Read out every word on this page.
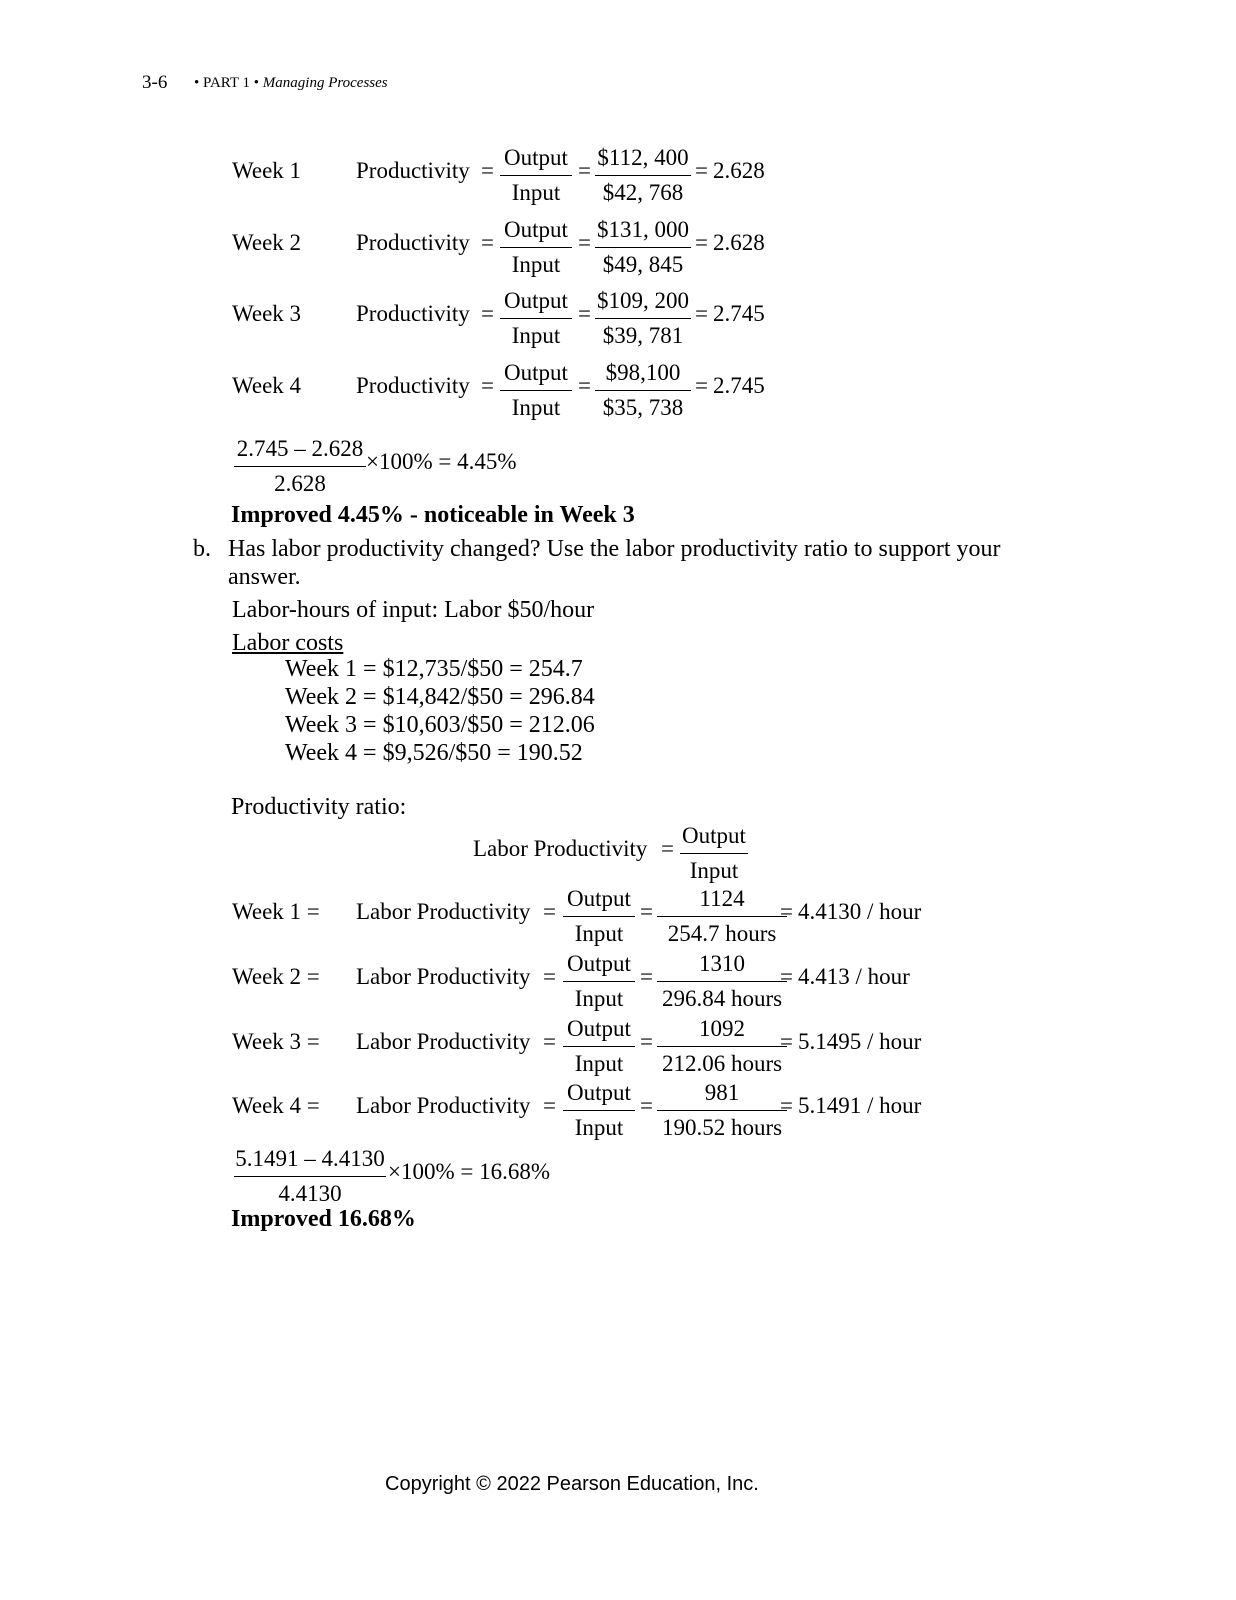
3-6 • PART 1 • Managing Processes
Week 1 Productivity =
Output
Input
=
$112, 400
$42, 768
= 2.628
Week 2 Productivity =
Output
Input
=
$131, 000
$49, 845
= 2.628
Week 3 Productivity =
Output
Input
=
$109, 200
$39, 781
= 2.745
Week 4 Productivity =
Output
Input
=
$98,100
$35, 738
= 2.745
2.745 – 2.628
2.628
×100% = 4.45%
Improved 4.45% - noticeable in Week 3
b. Has labor productivity changed? Use the labor productivity ratio to support your
answer.
Labor-hours of input: Labor $50/hour
Labor costs
Week 1 = $12,735/$50 = 254.7
Week 2 = $14,842/$50 = 296.84
Week 3 = $10,603/$50 = 212.06
Week 4 = $9,526/$50 = 190.52
Productivity ratio:
Labor Productivity =
Output
Input
Week 1 = Labor Productivity =
Output
Input
=
1124
254.7 hours
= 4.4130 / hour
Week 2 = Labor Productivity =
Output
Input
=
1310
296.84 hours
= 4.413 / hour
Week 3 = Labor Productivity =
Output
Input
=
1092
212.06 hours
= 5.1495 / hour
Week 4 = Labor Productivity =
Output
Input
=
981
190.52 hours
= 5.1491 / hour
5.1491 – 4.4130
4.4130
×100% = 16.68%
Improved 16.68%
Copyright © 2022 Pearson Education, Inc.
